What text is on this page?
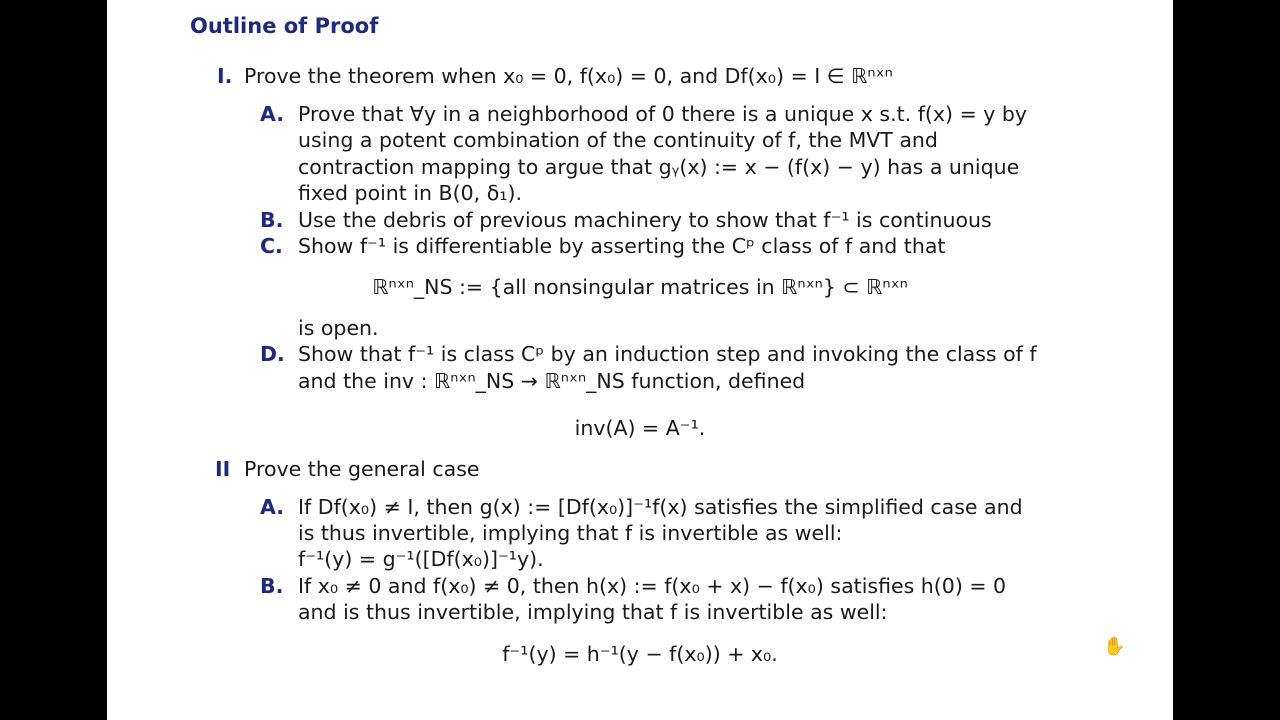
Outline of Proof
I. Prove the theorem when x₀ = 0, f(x₀) = 0, and Df(x₀) = I ∈ ℝⁿˣⁿ
A. Prove that ∀y in a neighborhood of 0 there is a unique x s.t. f(x) = y by
using a potent combination of the continuity of f, the MVT and
contraction mapping to argue that gᵧ(x) := x − (f(x) − y) has a unique
fixed point in B(0, δ₁).
B. Use the debris of previous machinery to show that f⁻¹ is continuous
C. Show f⁻¹ is differentiable by asserting the Cᵖ class of f and that
ℝⁿˣⁿ_NS := {all nonsingular matrices in ℝⁿˣⁿ} ⊂ ℝⁿˣⁿ
is open.
D. Show that f⁻¹ is class Cᵖ by an induction step and invoking the class of f
and the inv : ℝⁿˣⁿ_NS → ℝⁿˣⁿ_NS function, defined
inv(A) = A⁻¹.
II Prove the general case
A. If Df(x₀) ≠ I, then g(x) := [Df(x₀)]⁻¹f(x) satisfies the simplified case and
is thus invertible, implying that f is invertible as well:
f⁻¹(y) = g⁻¹([Df(x₀)]⁻¹y).
B. If x₀ ≠ 0 and f(x₀) ≠ 0, then h(x) := f(x₀ + x) − f(x₀) satisfies h(0) = 0
and is thus invertible, implying that f is invertible as well:
f⁻¹(y) = h⁻¹(y − f(x₀)) + x₀.	✋
